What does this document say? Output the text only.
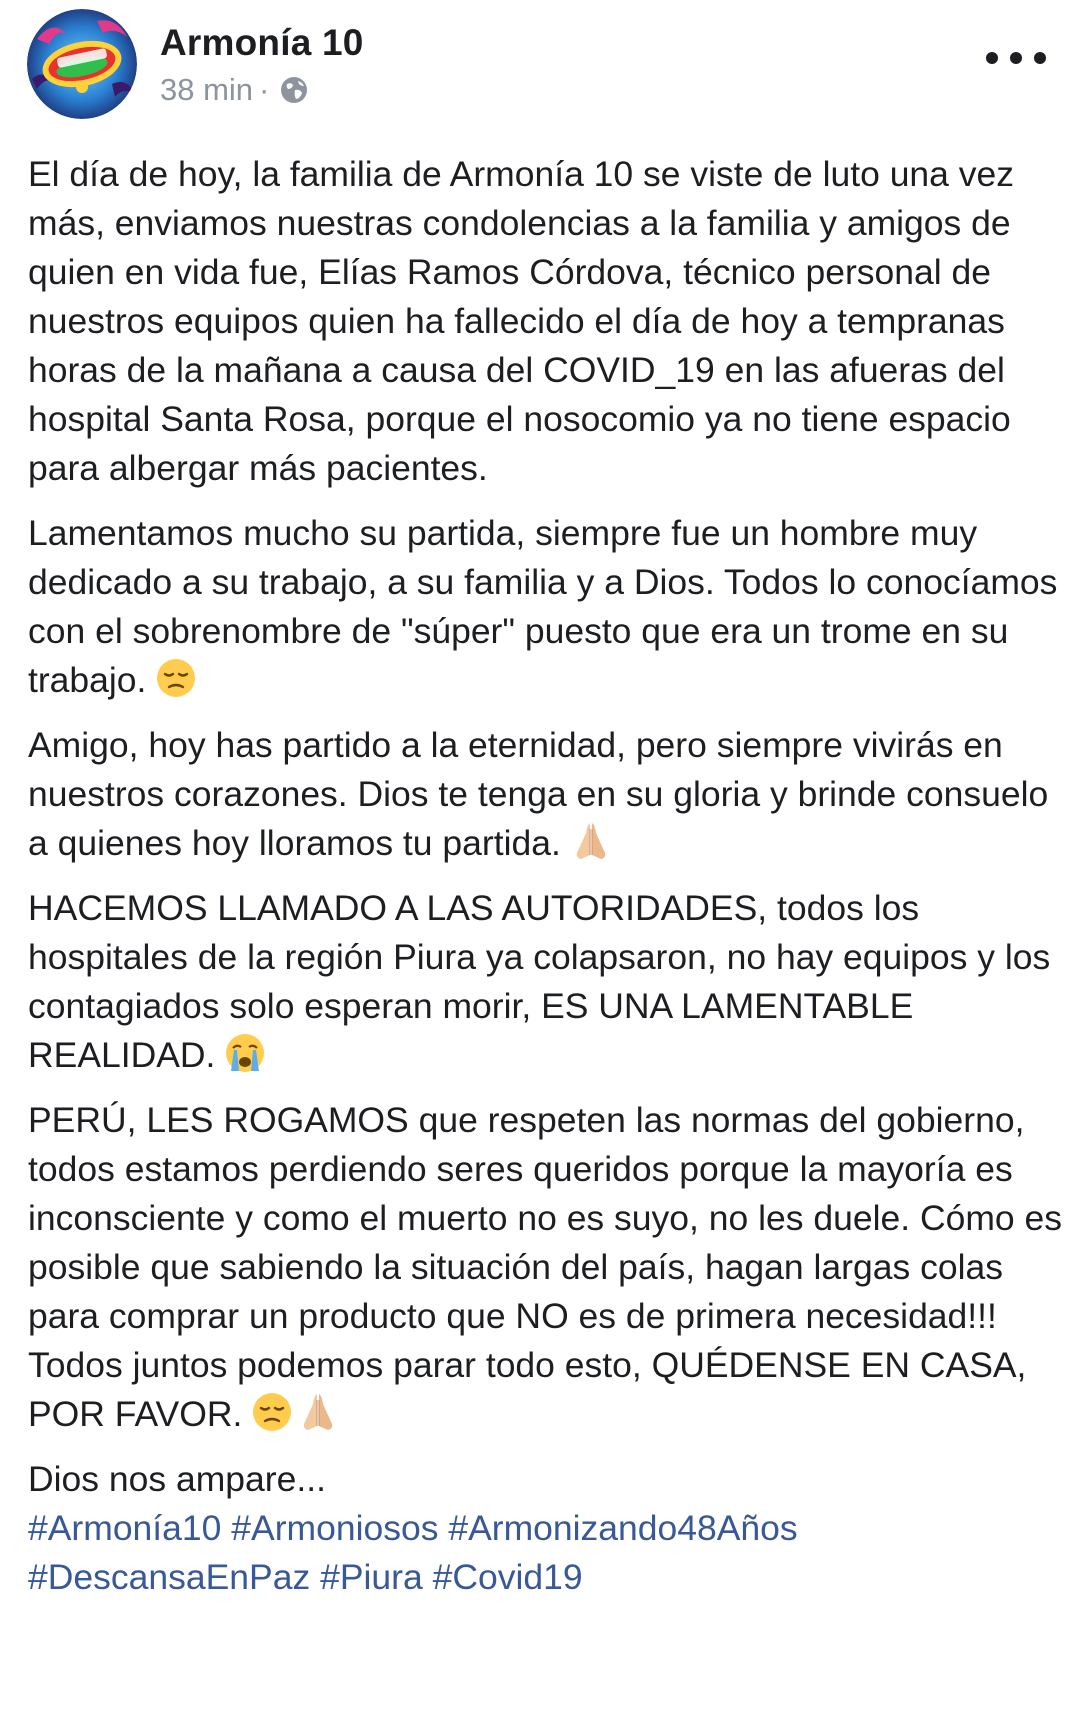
Armonía 10
38 min ·

El día de hoy, la familia de Armonía 10 se viste de luto una vez más, enviamos nuestras condolencias a la familia y amigos de quien en vida fue, Elías Ramos Córdova, técnico personal de nuestros equipos quien ha fallecido el día de hoy a tempranas horas de la mañana a causa del COVID_19 en las afueras del hospital Santa Rosa, porque el nosocomio ya no tiene espacio para albergar más pacientes.

Lamentamos mucho su partida, siempre fue un hombre muy dedicado a su trabajo, a su familia y a Dios. Todos lo conocíamos con el sobrenombre de "súper" puesto que era un trome en su trabajo.

Amigo, hoy has partido a la eternidad, pero siempre vivirás en nuestros corazones. Dios te tenga en su gloria y brinde consuelo a quienes hoy lloramos tu partida.

HACEMOS LLAMADO A LAS AUTORIDADES, todos los hospitales de la región Piura ya colapsaron, no hay equipos y los contagiados solo esperan morir, ES UNA LAMENTABLE REALIDAD.

PERÚ, LES ROGAMOS que respeten las normas del gobierno, todos estamos perdiendo seres queridos porque la mayoría es inconsciente y como el muerto no es suyo, no les duele. Cómo es posible que sabiendo la situación del país, hagan largas colas para comprar un producto que NO es de primera necesidad!!!

Todos juntos podemos parar todo esto, QUÉDENSE EN CASA, POR FAVOR.

Dios nos ampare...

#Armonía10 #Armoniosos #Armonizando48Años
#DescansaEnPaz #Piura #Covid19
